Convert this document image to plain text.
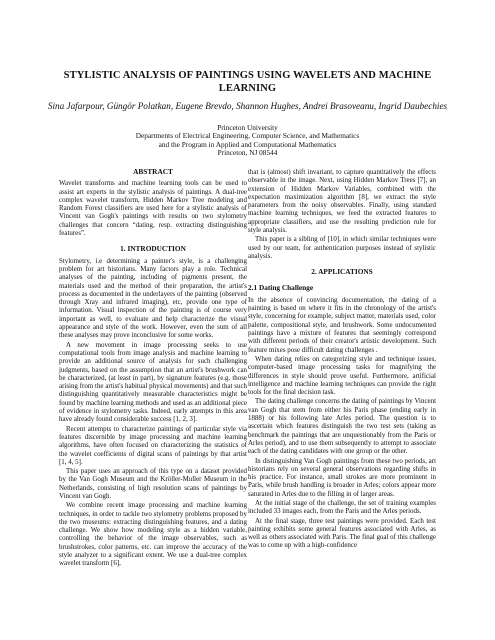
STYLISTIC ANALYSIS OF PAINTINGS USING WAVELETS AND MACHINE
LEARNING
Sina Jafarpour, Güngör Polatkan, Eugene Brevdo, Shannon Hughes, Andrei Brasoveanu, Ingrid Daubechies
Princeton University
Departments of Electrical Engineering, Computer Science, and Mathematics
and the Program in Applied and Computational Mathematics
Princeton, NJ 08544
ABSTRACT

Wavelet transforms and machine learning tools can be used to assist art experts in the stylistic analysis of paintings. A dual-tree complex wavelet transform, Hidden Markov Tree modeling and Random Forest classifiers are used here for a stylistic analysis of Vincent van Gogh's paintings with results on two stylometry challenges that concern “dating, resp. extracting distinguishing features”.

1. INTRODUCTION

Stylometry, i.e determining a painter's style, is a challenging problem for art historians. Many factors play a role. Technical analyses of the painting, including of pigments present, the materials used and the method of their preparation, the artist's process as documented in the underlayers of the painting (observed through Xray and infrared imaging), etc, provide one type of information. Visual inspection of the painting is of course very important as well, to evaluate and help characterize the visual appearance and style of the work. However, even the sum of all these analyses may prove inconclusive for some works.

A new movement in image processing seeks to use computational tools from image analysis and machine learning to provide an additional source of analysis for such challenging judgments, based on the assumption that an artist's brushwork can be characterized, (at least in part), by signature features (e.g. those arising from the artist's habitual physical movements) and that such distinguishing quantitatively measurable characteristics might be found by machine learning methods and used as an additional piece of evidence in stylometry tasks. Indeed, early attempts in this area have already found considerable success [1, 2, 3].

Recent attempts to characterize paintings of particular style via features discernible by image processing and machine learning algorithms, have often focused on characterizing the statistics of the wavelet coefficients of digital scans of paintings by that artist [1, 4, 5].

This paper uses an approach of this type on a dataset provided by the Van Gogh Museum and the Kröller-Muller Museum in the Netherlands, consisting of high resolution scans of paintings by Vincent van Gogh.

We combine recent image processing and machine learning techniques, in order to tackle two stylometry problems proposed by the two museums: extracting distinguishing features, and a dating challenge. We show how modeling style as a hidden variable, controlling the behavior of the image observables, such as brushstrokes, color patterns, etc. can improve the accuracy of the style analyzer to a significant extent. We use a dual-tree complex wavelet transform [6],

that is (almost) shift invariant, to capture quantitatively the effects observable in the image. Next, using Hidden Markov Trees [7], an extension of Hidden Markov Variables, combined with the expectation maximization algorithm [8], we extract the style parameters from the noisy observables. Finally, using standard machine learning techniques, we feed the extracted features to appropriate classifiers, and use the resulting prediction rule for style analysis.

This paper is a sibling of [10], in which similar techniques were used by our team, for authentication purposes instead of stylistic analysis.

2. APPLICATIONS
2.1 Dating Challenge

In the absence of convincing documentation, the dating of a painting is based on where it fits in the chronology of the artist's style, concerning for example, subject matter, materials used, color palette, compositional style, and brushwork. Some undocumented paintings have a mixture of features that seemingly correspond with different periods of their creator's artistic development. Such feature mixes pose difficult dating challenges .

When dating relies on categorizing style and technique issues, computer-based image processing tasks for magnifying the differences in style should prove useful. Furthermore, artificial intelligence and machine learning techniques can provide the right tools for the final decision task.

The dating challenge concerns the dating of paintings by Vincent van Gogh that stem from either his Paris phase (ending early in 1888) or his following late Arles period. The question is to ascertain which features distinguish the two test sets (taking as benchmark the paintings that are unquestionably from the Paris or Arles period), and to use them subsequently to attempt to associate each of the dating candidates with one group or the other.

In distinguishing Van Gogh paintings from these two periods, art historians rely on several general observations regarding shifts in his practice. For instance, small strokes are more prominent in Paris, while brush handling is broader in Arles; colors appear more saturated in Arles due to the filling in of larger areas.

At the initial stage of the challenge, the set of training examples included 33 images each, from the Paris and the Arles periods.

At the final stage, three test paintings were provided. Each test painting exhibits some general features associated with Arles, as well as others associated with Paris. The final goal of this challenge was to come up with a high-confidence
